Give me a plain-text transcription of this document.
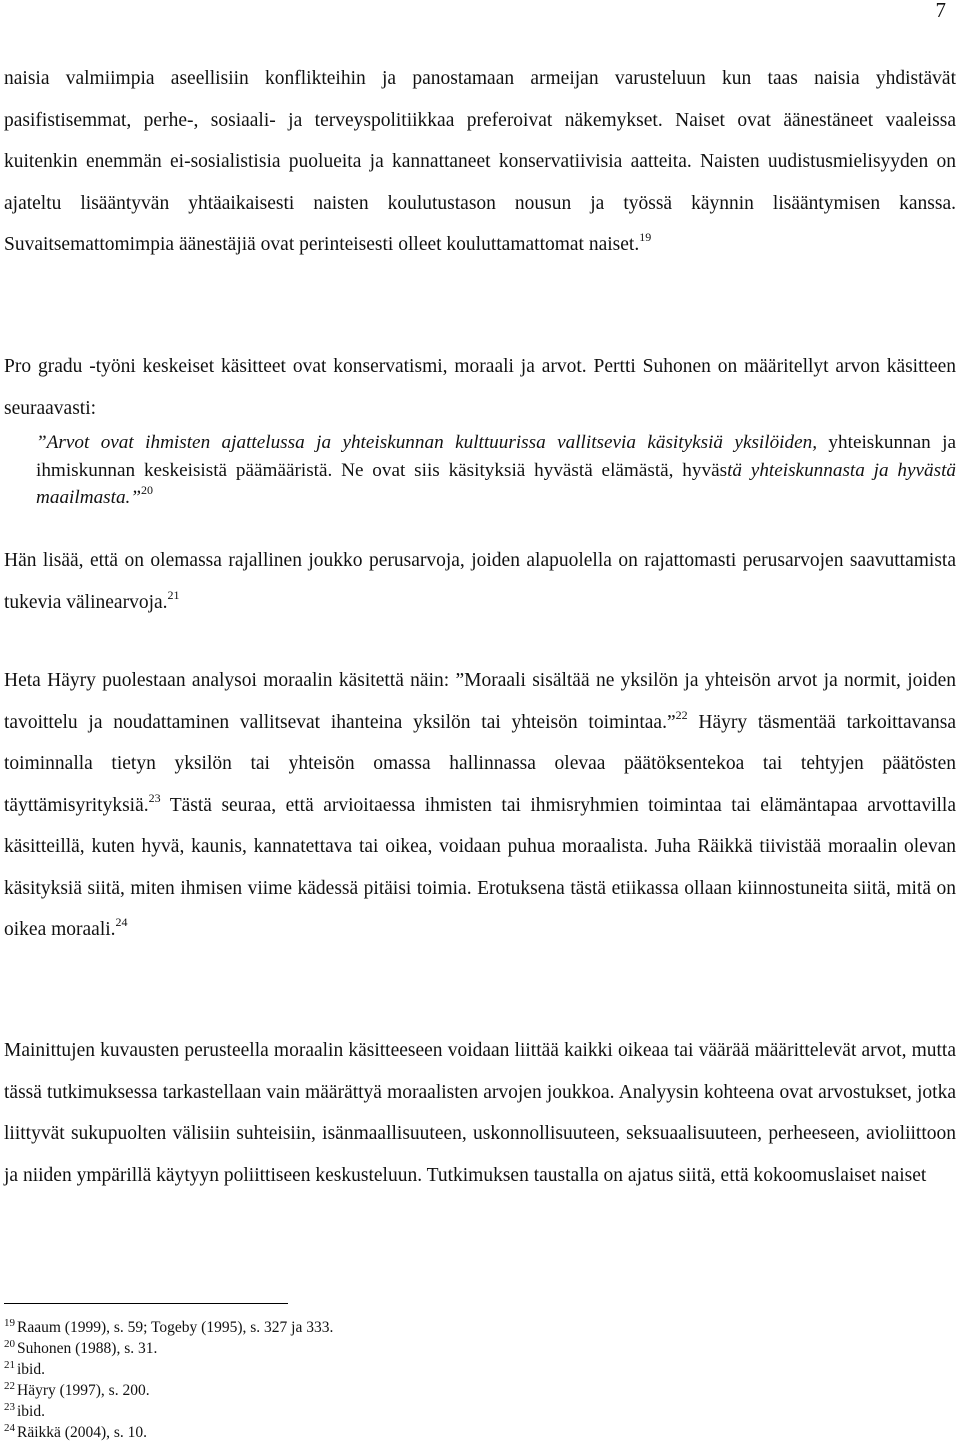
7
naisia valmiimpia aseellisiin konflikteihin ja panostamaan armeijan varusteluun kun taas naisia yhdistävät pasifistisemmat, perhe-, sosiaali- ja terveyspolitiikkaa preferoivat näkemykset. Naiset ovat äänestäneet vaaleissa kuitenkin enemmän ei-sosialistisia puolueita ja kannattaneet konservatiivisia aatteita. Naisten uudistusmielisyyden on ajateltu lisääntyvän yhtäaikaisesti naisten koulutustason nousun ja työssä käynnin lisääntymisen kanssa. Suvaitsemattomimpia äänestäjiä ovat perinteisesti olleet kouluttamattomat naiset.$^{19}$
Pro gradu -työni keskeiset käsitteet ovat konservatismi, moraali ja arvot. Pertti Suhonen on määritellyt arvon käsitteen seuraavasti:
”Arvot ovat ihmisten ajattelussa ja yhteiskunnan kulttuurissa vallitsevia käsityksiä yksilöiden, yhteiskunnan ja ihmiskunnan keskeisistä päämääristä. Ne ovat siis käsityksiä hyvästä elämästä, hyvästä yhteiskunnasta ja hyvästä maailmasta.”$^{20}$
Hän lisää, että on olemassa rajallinen joukko perusarvoja, joiden alapuolella on rajattomasti perusarvojen saavuttamista tukevia välinearvoja.$^{21}$
Heta Häyry puolestaan analysoi moraalin käsitettä näin: ”Moraali sisältää ne yksilön ja yhteisön arvot ja normit, joiden tavoittelu ja noudattaminen vallitsevat ihanteina yksilön tai yhteisön toimintaa.”$^{22}$ Häyry täsmentää tarkoittavansa toiminnalla tietyn yksilön tai yhteisön omassa hallinnassa olevaa päätöksentekoa tai tehtyjen päätösten täyttämisyrityksiä.$^{23}$ Tästä seuraa, että arvioitaessa ihmisten tai ihmisryhmien toimintaa tai elämäntapaa arvottavilla käsitteillä, kuten hyvä, kaunis, kannatettava tai oikea, voidaan puhua moraalista. Juha Räikkä tiivistää moraalin olevan käsityksiä siitä, miten ihmisen viime kädessä pitäisi toimia. Erotuksena tästä etiikassa ollaan kiinnostuneita siitä, mitä on oikea moraali.$^{24}$
Mainittujen kuvausten perusteella moraalin käsitteeseen voidaan liittää kaikki oikeaa tai väärää määrittelevät arvot, mutta tässä tutkimuksessa tarkastellaan vain määrättyä moraalisten arvojen joukkoa. Analyysin kohteena ovat arvostukset, jotka liittyvät sukupuolten välisiin suhteisiin, isänmaallisuuteen, uskonnollisuuteen, seksuaalisuuteen, perheeseen, avioliittoon ja niiden ympärillä käytyyn poliittiseen keskusteluun. Tutkimuksen taustalla on ajatus siitä, että kokoomuslaiset naiset
$^{19}$ Raaum (1999), s. 59; Togeby (1995), s. 327 ja 333.
$^{20}$ Suhonen (1988), s. 31.
$^{21}$ ibid.
$^{22}$ Häyry (1997), s. 200.
$^{23}$ ibid.
$^{24}$ Räikkä (2004), s. 10.
